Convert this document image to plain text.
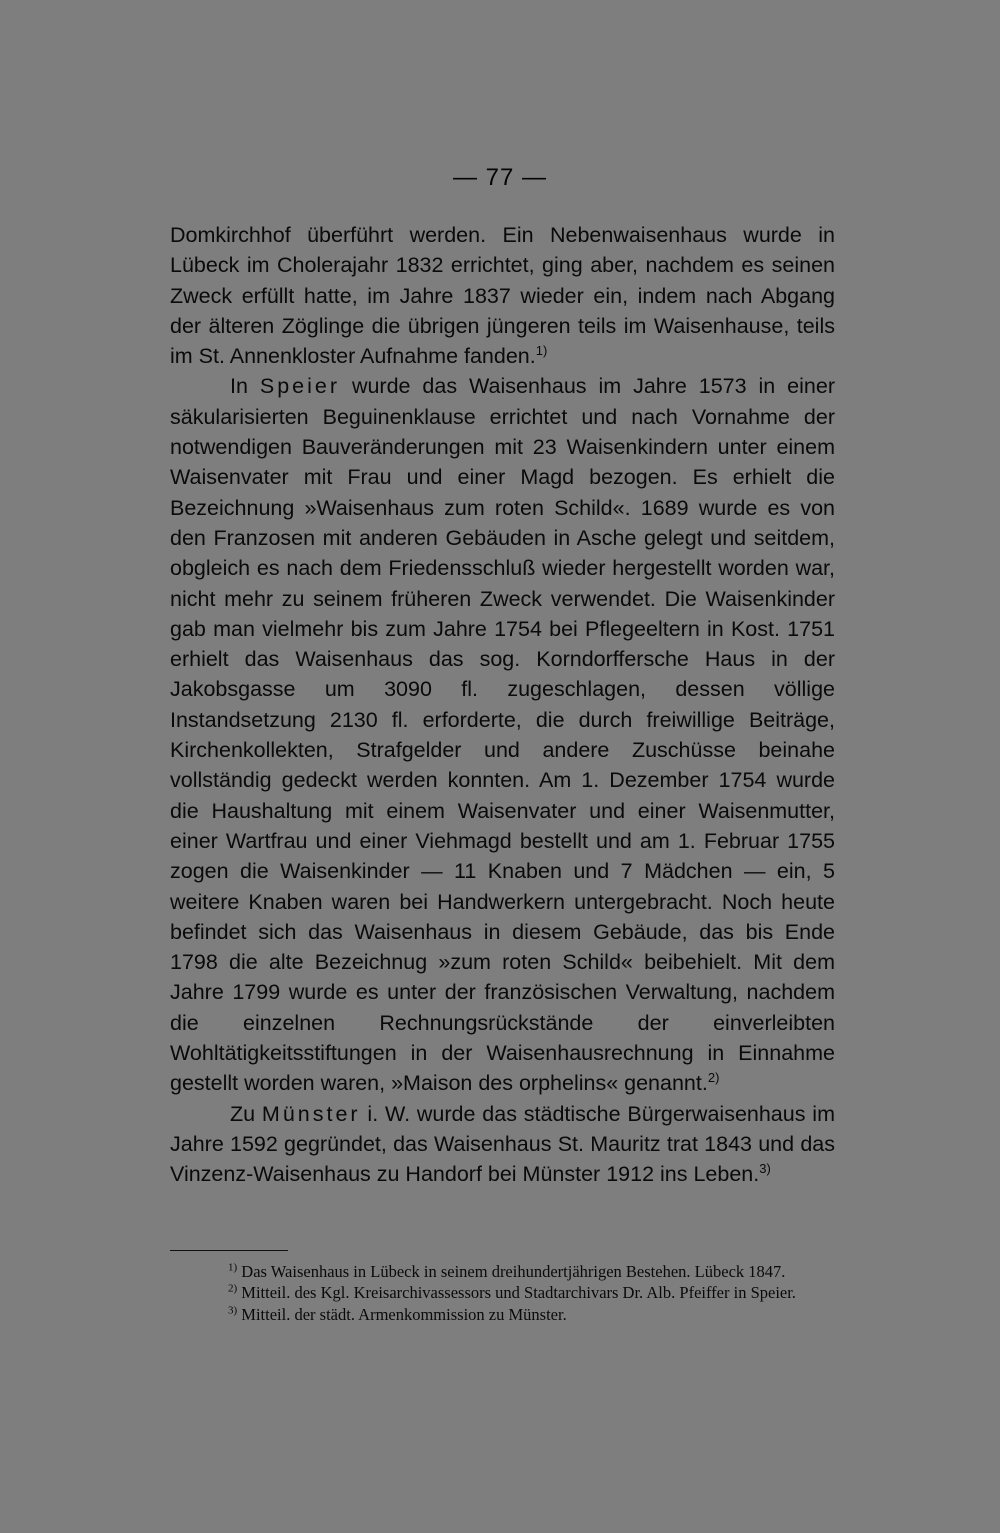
— 77 —

Domkirchhof überführt werden. Ein Nebenwaisenhaus wurde in Lübeck im Cholerajahr 1832 errichtet, ging aber, nachdem es seinen Zweck erfüllt hatte, im Jahre 1837 wieder ein, indem nach Abgang der älteren Zöglinge die übrigen jüngeren teils im Waisenhause, teils im St. Annenkloster Aufnahme fanden.$^{1)}$

In Speier wurde das Waisenhaus im Jahre 1573 in einer säkularisierten Beguinenklause errichtet und nach Vornahme der notwendigen Bauveränderungen mit 23 Waisenkindern unter einem Waisenvater mit Frau und einer Magd bezogen. Es erhielt die Bezeichnung »Waisenhaus zum roten Schild«. 1689 wurde es von den Franzosen mit anderen Gebäuden in Asche gelegt und seitdem, obgleich es nach dem Friedensschluß wieder hergestellt worden war, nicht mehr zu seinem früheren Zweck verwendet. Die Waisenkinder gab man vielmehr bis zum Jahre 1754 bei Pflegeeltern in Kost. 1751 erhielt das Waisenhaus das sog. Korndorffersche Haus in der Jakobsgasse um 3090 fl. zugeschlagen, dessen völlige Instandsetzung 2130 fl. erforderte, die durch freiwillige Beiträge, Kirchenkollekten, Strafgelder und andere Zuschüsse beinahe vollständig gedeckt werden konnten. Am 1. Dezember 1754 wurde die Haushaltung mit einem Waisenvater und einer Waisenmutter, einer Wartfrau und einer Viehmagd bestellt und am 1. Februar 1755 zogen die Waisenkinder — 11 Knaben und 7 Mädchen — ein, 5 weitere Knaben waren bei Handwerkern untergebracht. Noch heute befindet sich das Waisenhaus in diesem Gebäude, das bis Ende 1798 die alte Bezeichnug »zum roten Schild« beibehielt. Mit dem Jahre 1799 wurde es unter der französischen Verwaltung, nachdem die einzelnen Rechnungsrückstände der einverleibten Wohltätigkeitsstiftungen in der Waisenhausrechnung in Einnahme gestellt worden waren, »Maison des orphelins« genannt.$^{2)}$

Zu Münster i. W. wurde das städtische Bürgerwaisenhaus im Jahre 1592 gegründet, das Waisenhaus St. Mauritz trat 1843 und das Vinzenz-Waisenhaus zu Handorf bei Münster 1912 ins Leben.$^{3)}$

$^{1)}$ Das Waisenhaus in Lübeck in seinem dreihundertjährigen Bestehen. Lübeck 1847.

$^{2)}$ Mitteil. des Kgl. Kreisarchivassessors und Stadtarchivars Dr. Alb. Pfeiffer in Speier.

$^{3)}$ Mitteil. der städt. Armenkommission zu Münster.
